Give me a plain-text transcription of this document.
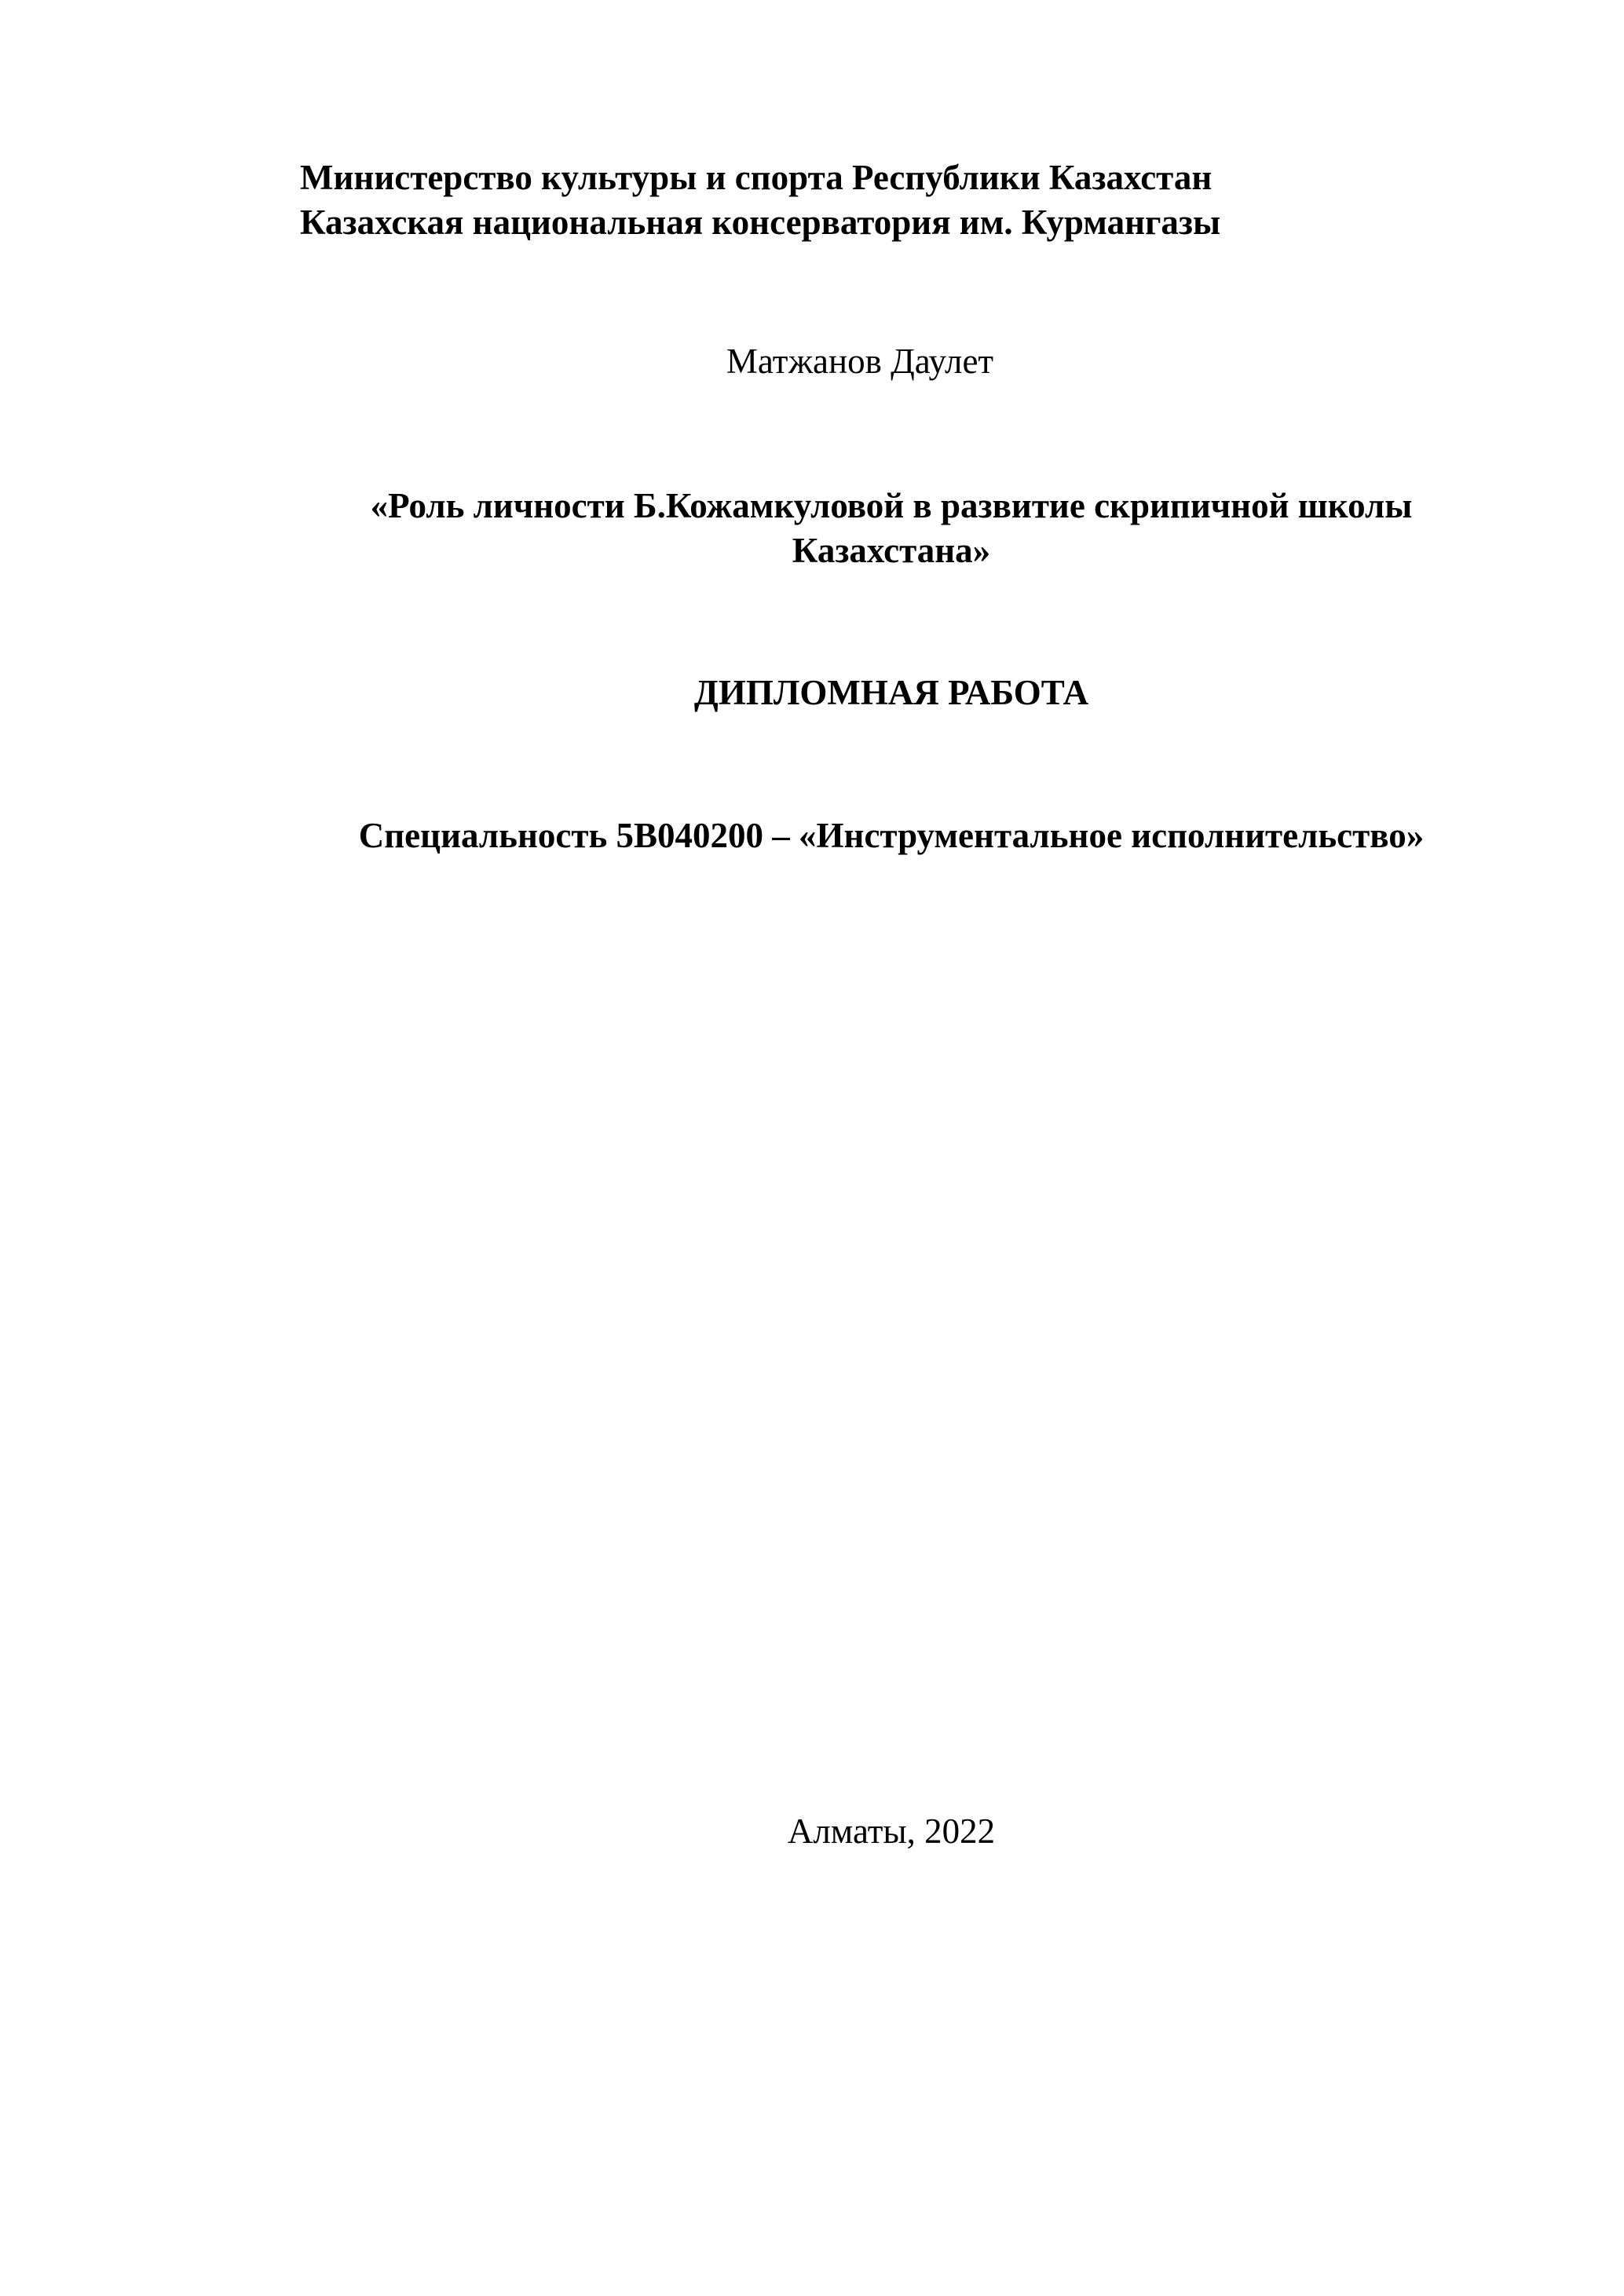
Министерство культуры и спорта Республики Казахстан
Казахская национальная консерватория им. Курмангазы
Матжанов Даулет
«Роль личности Б.Кожамкуловой в развитие скрипичной школы
Казахстана»
ДИПЛОМНАЯ РАБОТА
Специальность 5В040200 – «Инструментальное исполнительство»
Алматы, 2022
